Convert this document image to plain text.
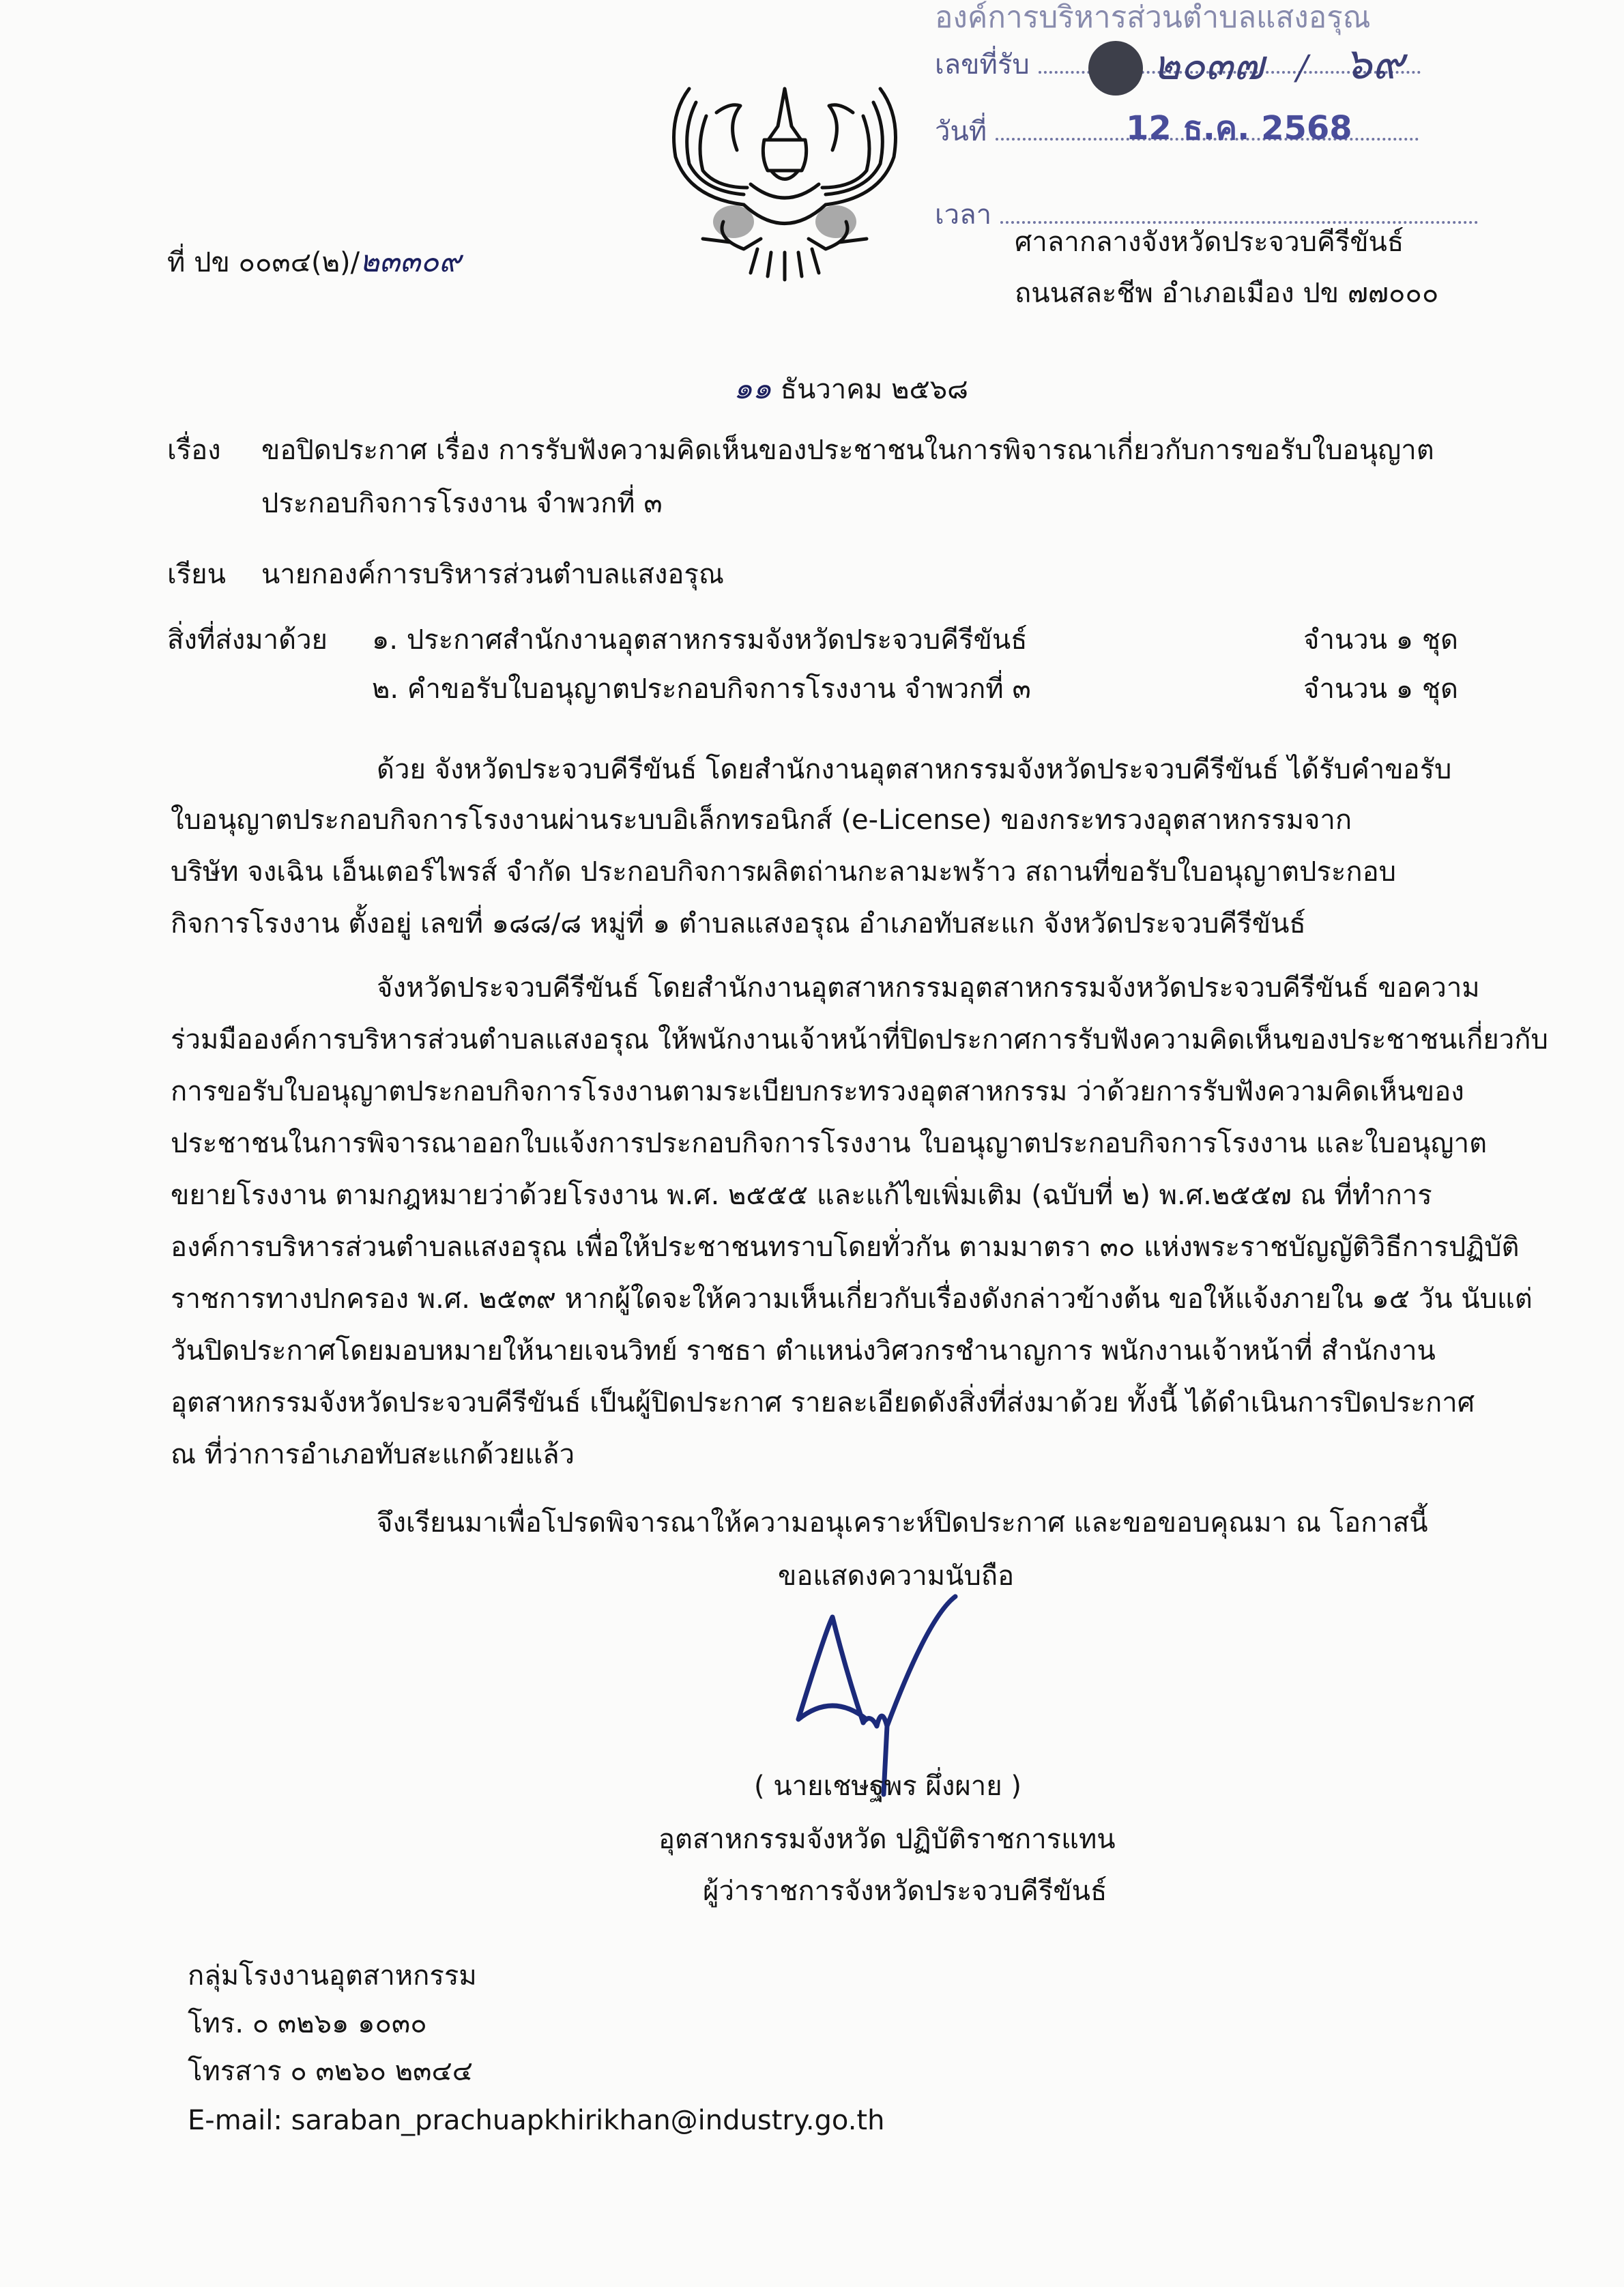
องค์การบริหารส่วนตำบลแสงอรุณ
เลขที่รับ	๒๐๓๗ / ๖๙
วันที่	12 ธ.ค. 2568
เวลา
ที่ ปข ๐๐๓๔(๒)/๒๓๓๐๙
ศาลากลางจังหวัดประจวบคีรีขันธ์
ถนนสละชีพ อำเภอเมือง ปข ๗๗๐๐๐
๑๑ ธันวาคม ๒๕๖๘
เรื่อง ขอปิดประกาศ เรื่อง การรับฟังความคิดเห็นของประชาชนในการพิจารณาเกี่ยวกับการขอรับใบอนุญาต
ประกอบกิจการโรงงาน จำพวกที่ ๓
เรียน นายกองค์การบริหารส่วนตำบลแสงอรุณ
สิ่งที่ส่งมาด้วย ๑. ประกาศสำนักงานอุตสาหกรรมจังหวัดประจวบคีรีขันธ์	จำนวน ๑ ชุด
๒. คำขอรับใบอนุญาตประกอบกิจการโรงงาน จำพวกที่ ๓	จำนวน ๑ ชุด
ด้วย จังหวัดประจวบคีรีขันธ์ โดยสำนักงานอุตสาหกรรมจังหวัดประจวบคีรีขันธ์ ได้รับคำขอรับ
ใบอนุญาตประกอบกิจการโรงงานผ่านระบบอิเล็กทรอนิกส์ (e-License) ของกระทรวงอุตสาหกรรมจาก
บริษัท จงเฉิน เอ็นเตอร์ไพรส์ จำกัด ประกอบกิจการผลิตถ่านกะลามะพร้าว สถานที่ขอรับใบอนุญาตประกอบ
กิจการโรงงาน ตั้งอยู่ เลขที่ ๑๘๘/๘ หมู่ที่ ๑ ตำบลแสงอรุณ อำเภอทับสะแก จังหวัดประจวบคีรีขันธ์
จังหวัดประจวบคีรีขันธ์ โดยสำนักงานอุตสาหกรรมอุตสาหกรรมจังหวัดประจวบคีรีขันธ์ ขอความ
ร่วมมือองค์การบริหารส่วนตำบลแสงอรุณ ให้พนักงานเจ้าหน้าที่ปิดประกาศการรับฟังความคิดเห็นของประชาชนเกี่ยวกับ
การขอรับใบอนุญาตประกอบกิจการโรงงานตามระเบียบกระทรวงอุตสาหกรรม ว่าด้วยการรับฟังความคิดเห็นของ
ประชาชนในการพิจารณาออกใบแจ้งการประกอบกิจการโรงงาน ใบอนุญาตประกอบกิจการโรงงาน และใบอนุญาต
ขยายโรงงาน ตามกฎหมายว่าด้วยโรงงาน พ.ศ. ๒๕๕๕ และแก้ไขเพิ่มเติม (ฉบับที่ ๒) พ.ศ.๒๕๕๗ ณ ที่ทำการ
องค์การบริหารส่วนตำบลแสงอรุณ เพื่อให้ประชาชนทราบโดยทั่วกัน ตามมาตรา ๓๐ แห่งพระราชบัญญัติวิธีการปฏิบัติ
ราชการทางปกครอง พ.ศ. ๒๕๓๙ หากผู้ใดจะให้ความเห็นเกี่ยวกับเรื่องดังกล่าวข้างต้น ขอให้แจ้งภายใน ๑๕ วัน นับแต่
วันปิดประกาศโดยมอบหมายให้นายเจนวิทย์ ราชธา ตำแหน่งวิศวกรชำนาญการ พนักงานเจ้าหน้าที่ สำนักงาน
อุตสาหกรรมจังหวัดประจวบคีรีขันธ์ เป็นผู้ปิดประกาศ รายละเอียดดังสิ่งที่ส่งมาด้วย ทั้งนี้ ได้ดำเนินการปิดประกาศ
ณ ที่ว่าการอำเภอทับสะแกด้วยแล้ว
จึงเรียนมาเพื่อโปรดพิจารณาให้ความอนุเคราะห์ปิดประกาศ และขอขอบคุณมา ณ โอกาสนี้
ขอแสดงความนับถือ
( นายเชษฐพร ผึ่งผาย )
อุตสาหกรรมจังหวัด ปฏิบัติราชการแทน
ผู้ว่าราชการจังหวัดประจวบคีรีขันธ์
กลุ่มโรงงานอุตสาหกรรม
โทร. ๐ ๓๒๖๑ ๑๐๓๐
โทรสาร ๐ ๓๒๖๐ ๒๓๔๔
E-mail: saraban_prachuapkhirikhan@industry.go.th
